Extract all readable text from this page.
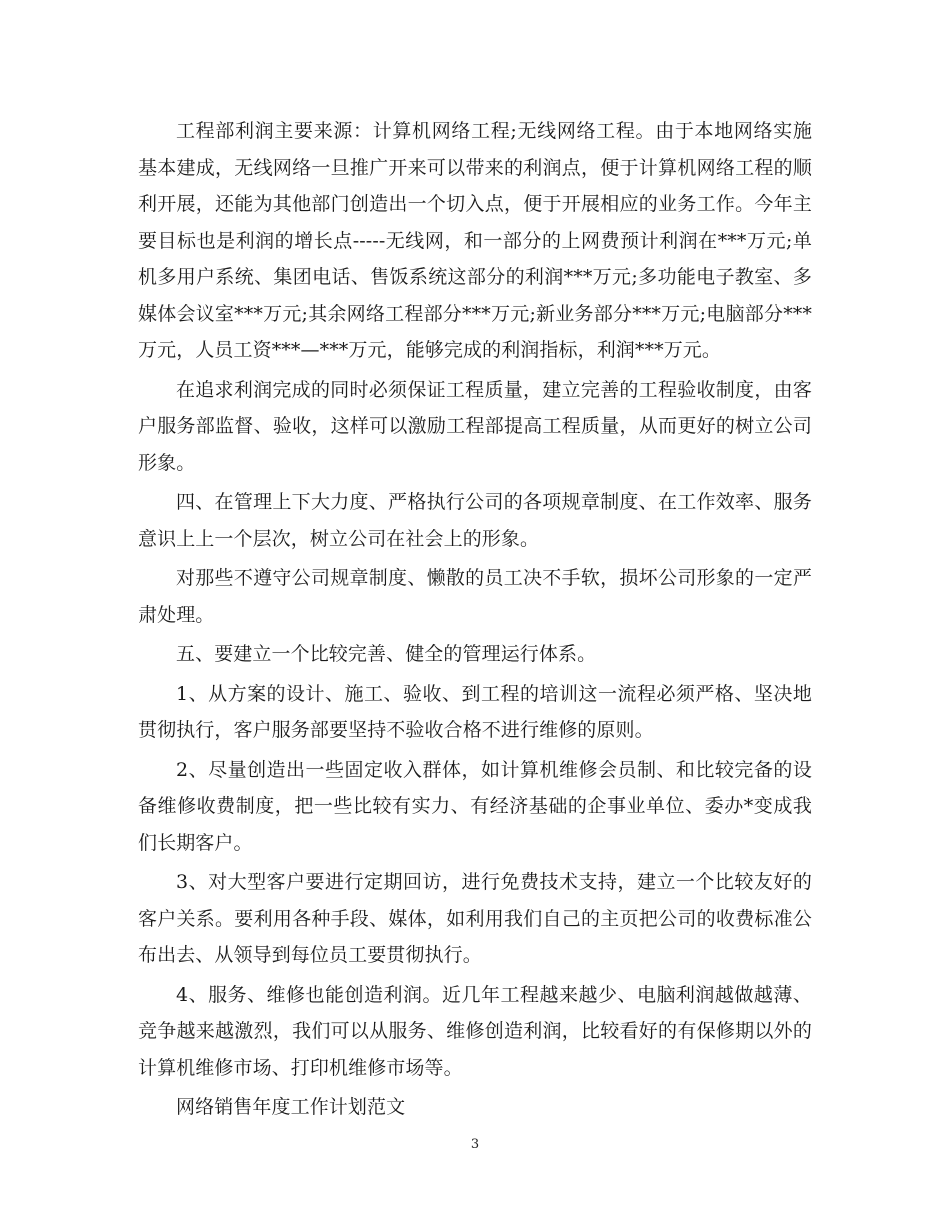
工程部利润主要来源：计算机网络工程;无线网络工程。由于本地网络实施基本建成，无线网络一旦推广开来可以带来的利润点，便于计算机网络工程的顺利开展，还能为其他部门创造出一个切入点，便于开展相应的业务工作。今年主要目标也是利润的增长点-----无线网，和一部分的上网费预计利润在***万元;单机多用户系统、集团电话、售饭系统这部分的利润***万元;多功能电子教室、多媒体会议室***万元;其余网络工程部分***万元;新业务部分***万元;电脑部分***万元，人员工资***—***万元，能够完成的利润指标，利润***万元。

在追求利润完成的同时必须保证工程质量，建立完善的工程验收制度，由客户服务部监督、验收，这样可以激励工程部提高工程质量，从而更好的树立公司形象。

四、在管理上下大力度、严格执行公司的各项规章制度、在工作效率、服务意识上上一个层次，树立公司在社会上的形象。

对那些不遵守公司规章制度、懒散的员工决不手软，损坏公司形象的一定严肃处理。

五、要建立一个比较完善、健全的管理运行体系。

1、从方案的设计、施工、验收、到工程的培训这一流程必须严格、坚决地贯彻执行，客户服务部要坚持不验收合格不进行维修的原则。

2、尽量创造出一些固定收入群体，如计算机维修会员制、和比较完备的设备维修收费制度，把一些比较有实力、有经济基础的企事业单位、委办*变成我们长期客户。

3、对大型客户要进行定期回访，进行免费技术支持，建立一个比较友好的客户关系。要利用各种手段、媒体，如利用我们自己的主页把公司的收费标准公布出去、从领导到每位员工要贯彻执行。

4、服务、维修也能创造利润。近几年工程越来越少、电脑利润越做越薄、竞争越来越激烈，我们可以从服务、维修创造利润，比较看好的有保修期以外的计算机维修市场、打印机维修市场等。

网络销售年度工作计划范文

3
